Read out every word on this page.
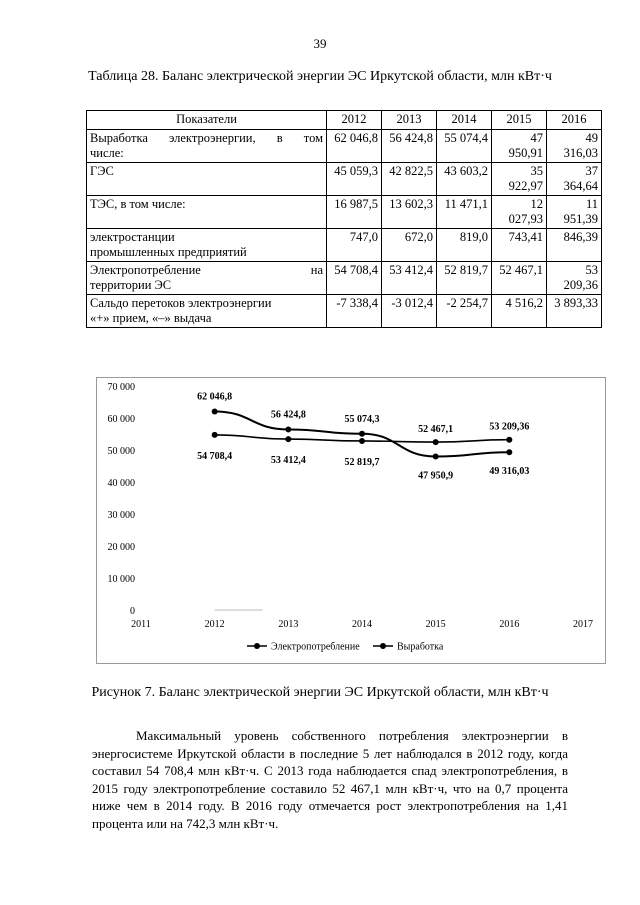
39
Таблица 28. Баланс электрической энергии ЭС Иркутской области, млн кВт·ч
Показатели	2012	2013	2014	2015	2016

Выработка электроэнергии, в том
числе:	62 046,8	56 424,8	55 074,4	47 950,91	49 316,03
ГЭС	45 059,3	42 822,5	43 603,2	35 922,97	37 364,64
ТЭС, в том числе:	16 987,5	13 602,3	11 471,1	12 027,93	11 951,39

электростанции
промышленных предприятий	747,0	672,0	819,0	743,41	846,39

Электропотребление на
территории ЭС	54 708,4	53 412,4	52 819,7	52 467,1	53 209,36

Сальдо перетоков электроэнергии
«+» прием, «–» выдача	-7 338,4	-3 012,4	-2 254,7	4 516,2	3 893,33
0
10 000
20 000
30 000
40 000
50 000
60 000
70 000
2011	2012	2013	2014	2015	2016	2017
54 708,4	53 412,4	52 819,7
52 467,1	53 209,36
62 046,8
56 424,8	55 074,3
47 950,9	49 316,03
Электропотребление	Выработка
Рисунок 7. Баланс электрической энергии ЭС Иркутской области, млн кВт·ч
Максимальный уровень собственного потребления электроэнергии в энергосистеме Иркутской области в последние 5 лет наблюдался в 2012 году, когда составил 54 708,4 млн кВт·ч. С 2013 года наблюдается спад электропотребления, в 2015 году электропотребление составило 52 467,1 млн кВт·ч, что на 0,7 процента ниже чем в 2014 году. В 2016 году отмечается рост электропотребления на 1,41 процента или на 742,3 млн кВт·ч.
